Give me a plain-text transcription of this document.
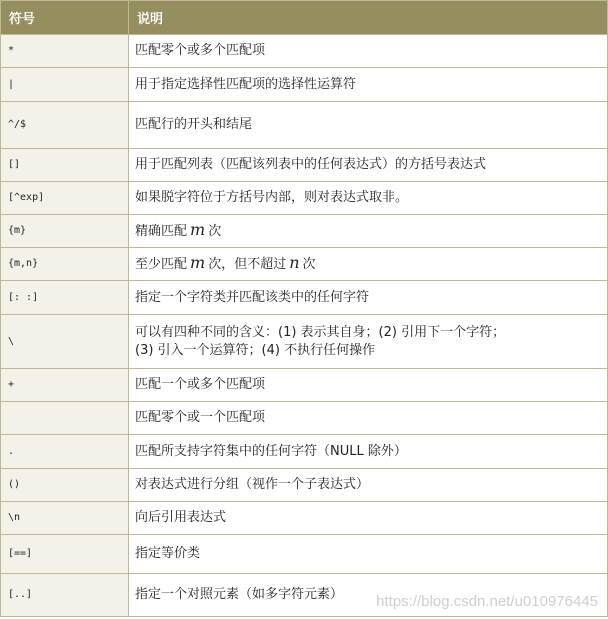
符号	说明
*	匹配零个或多个匹配项
|	用于指定选择性匹配项的选择性运算符
^/$	匹配行的开头和结尾
[]	用于匹配列表（匹配该列表中的任何表达式）的方括号表达式
[^exp]	如果脱字符位于方括号内部，则对表达式取非。
{m}	精确匹配 m 次
{m,n}	至少匹配 m 次，但不超过 n 次
[: :]	指定一个字符类并匹配该类中的任何字符
\	可以有四种不同的含义：(1) 表示其自身；(2) 引用下一个字符；
(3) 引入一个运算符；(4) 不执行任何操作

+	匹配一个或多个匹配项
	匹配零个或一个匹配项
.	匹配所支持字符集中的任何字符（NULL 除外）
()	对表达式进行分组（视作一个子表达式）
\n	向后引用表达式
[==]	指定等价类
[..]	指定一个对照元素（如多字符元素） https://blog.csdn.net/u010976445
